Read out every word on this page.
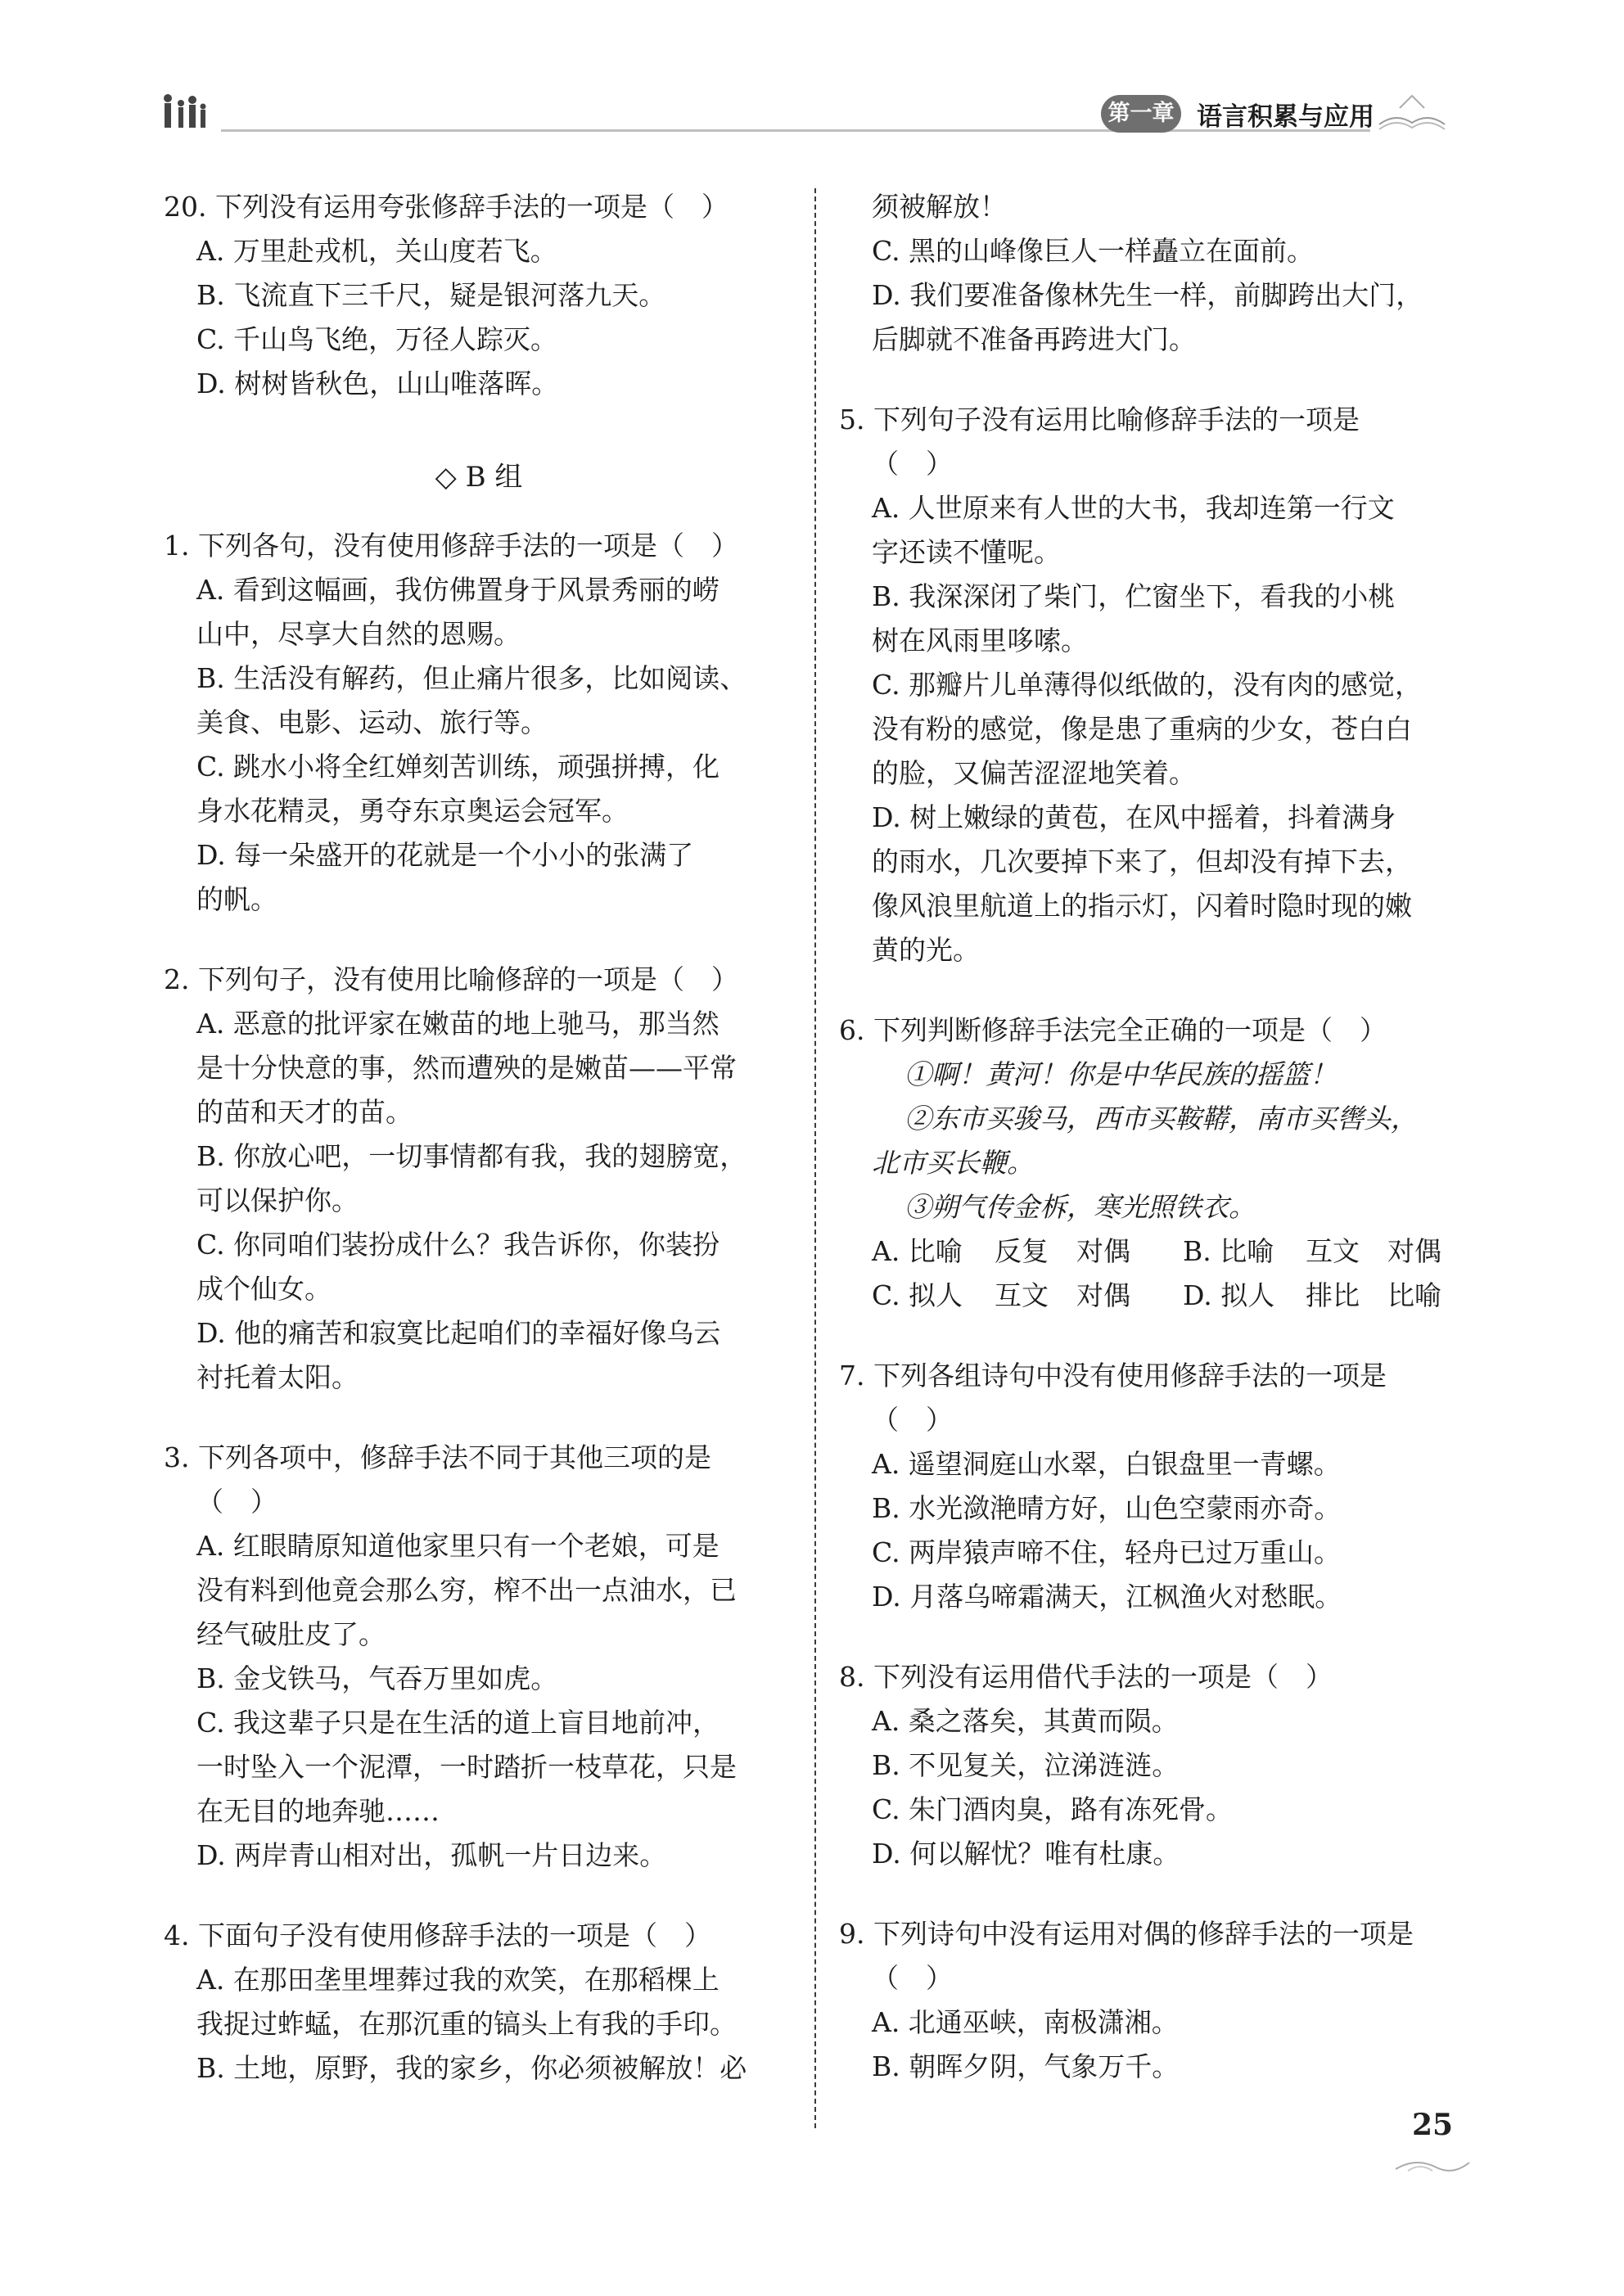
第一章 语言积累与应用
20. 下列没有运用夸张修辞手法的一项是（　）
A. 万里赴戎机，关山度若飞。
B. 飞流直下三千尺，疑是银河落九天。
C. 千山鸟飞绝，万径人踪灭。
D. 树树皆秋色，山山唯落晖。
◇ B 组
1. 下列各句，没有使用修辞手法的一项是（　）
A. 看到这幅画，我仿佛置身于风景秀丽的崂
山中，尽享大自然的恩赐。
B. 生活没有解药，但止痛片很多，比如阅读、
美食、电影、运动、旅行等。
C. 跳水小将全红婵刻苦训练，顽强拼搏，化
身水花精灵，勇夺东京奥运会冠军。
D. 每一朵盛开的花就是一个小小的张满了
的帆。
2. 下列句子，没有使用比喻修辞的一项是（　）
A. 恶意的批评家在嫩苗的地上驰马，那当然
是十分快意的事，然而遭殃的是嫩苗——平常
的苗和天才的苗。
B. 你放心吧，一切事情都有我，我的翅膀宽，
可以保护你。
C. 你同咱们装扮成什么？我告诉你，你装扮
成个仙女。
D. 他的痛苦和寂寞比起咱们的幸福好像乌云
衬托着太阳。
3. 下列各项中，修辞手法不同于其他三项的是
（　）
A. 红眼睛原知道他家里只有一个老娘，可是
没有料到他竟会那么穷，榨不出一点油水，已
经气破肚皮了。
B. 金戈铁马，气吞万里如虎。
C. 我这辈子只是在生活的道上盲目地前冲，
一时坠入一个泥潭，一时踏折一枝草花，只是
在无目的地奔驰……
D. 两岸青山相对出，孤帆一片日边来。
4. 下面句子没有使用修辞手法的一项是（　）
A. 在那田垄里埋葬过我的欢笑，在那稻棵上
我捉过蚱蜢，在那沉重的镐头上有我的手印。
B. 土地，原野，我的家乡，你必须被解放！必
须被解放！
C. 黑的山峰像巨人一样矗立在面前。
D. 我们要准备像林先生一样，前脚跨出大门，
后脚就不准备再跨进大门。
5. 下列句子没有运用比喻修辞手法的一项是
（　）
A. 人世原来有人世的大书，我却连第一行文
字还读不懂呢。
B. 我深深闭了柴门，伫窗坐下，看我的小桃
树在风雨里哆嗦。
C. 那瓣片儿单薄得似纸做的，没有肉的感觉，
没有粉的感觉，像是患了重病的少女，苍白白
的脸，又偏苦涩涩地笑着。
D. 树上嫩绿的黄苞，在风中摇着，抖着满身
的雨水，几次要掉下来了，但却没有掉下去，
像风浪里航道上的指示灯，闪着时隐时现的嫩
黄的光。
6. 下列判断修辞手法完全正确的一项是（　）
①啊！黄河！你是中华民族的摇篮！
②东市买骏马，西市买鞍鞯，南市买辔头，
北市买长鞭。
③朔气传金柝，寒光照铁衣。
A. 比喻	反复	对偶	B. 比喻	互文	对偶
C. 拟人	互文	对偶	D. 拟人	排比	比喻
7. 下列各组诗句中没有使用修辞手法的一项是
（　）
A. 遥望洞庭山水翠，白银盘里一青螺。
B. 水光潋滟晴方好，山色空蒙雨亦奇。
C. 两岸猿声啼不住，轻舟已过万重山。
D. 月落乌啼霜满天，江枫渔火对愁眠。
8. 下列没有运用借代手法的一项是（　）
A. 桑之落矣，其黄而陨。
B. 不见复关，泣涕涟涟。
C. 朱门酒肉臭，路有冻死骨。
D. 何以解忧？唯有杜康。
9. 下列诗句中没有运用对偶的修辞手法的一项是
（　）
A. 北通巫峡，南极潇湘。
B. 朝晖夕阴，气象万千。
25
